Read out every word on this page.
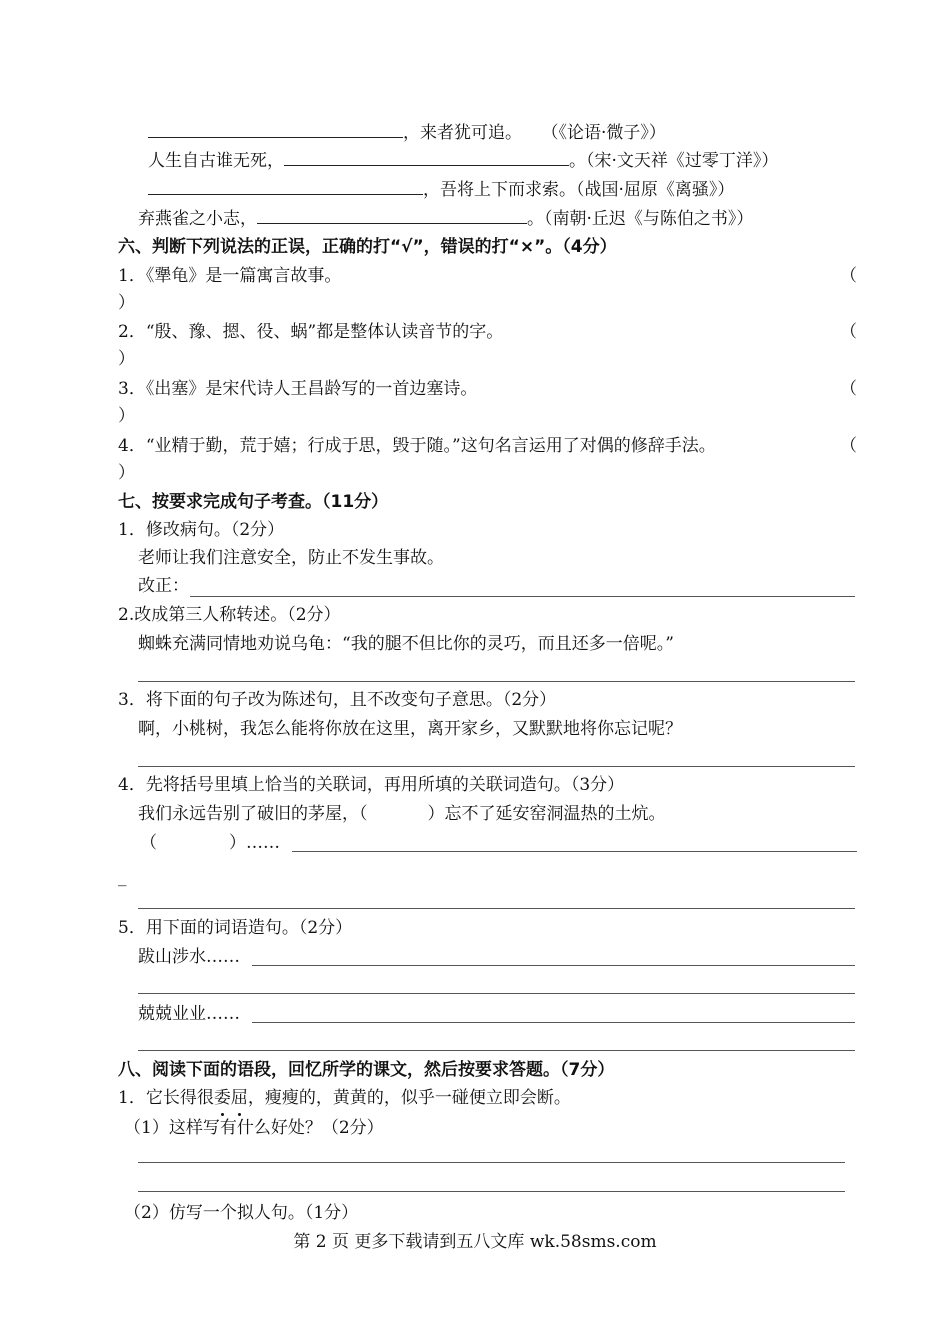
，来者犹可追。 （《论语·微子》）
人生自古谁无死，	。（宋·文天祥《过零丁洋》）
，吾将上下而求索。（战国·屈原《离骚》）
弃燕雀之小志，	。（南朝·丘迟《与陈伯之书》）
六、判断下列说法的正误，正确的打“√”，错误的打“×”。（4分）
1．《犟龟》是一篇寓言故事。	（
）
2．“殷、豫、摁、役、蜗”都是整体认读音节的字。	（
）
3．《出塞》是宋代诗人王昌龄写的一首边塞诗。	（
）
4．“业精于勤，荒于嬉；行成于思，毁于随。”这句名言运用了对偶的修辞手法。	（
）
七、按要求完成句子考查。（11分）
1．修改病句。（2分）
老师让我们注意安全，防止不发生事故。
改正：
2.改成第三人称转述。（2分）
蜘蛛充满同情地劝说乌龟：“我的腿不但比你的灵巧，而且还多一倍呢。”
3．将下面的句子改为陈述句，且不改变句子意思。（2分）
啊，小桃树，我怎么能将你放在这里，离开家乡，又默默地将你忘记呢？
4．先将括号里填上恰当的关联词，再用所填的关联词造句。（3分）
我们永远告别了破旧的茅屋，（	）忘不了延安窑洞温热的土炕。
（	）……
_
5．用下面的词语造句。（2分）
跋山涉水……
兢兢业业……
八、阅读下面的语段，回忆所学的课文，然后按要求答题。（7分）
1．它长得很委屈，瘦瘦的，黄黄的，似乎一碰便立即会断。
（1）这样写有什么好处？（2分）
（2）仿写一个拟人句。（1分）
第 2 页 更多下载请到五八文库 wk.58sms.com
